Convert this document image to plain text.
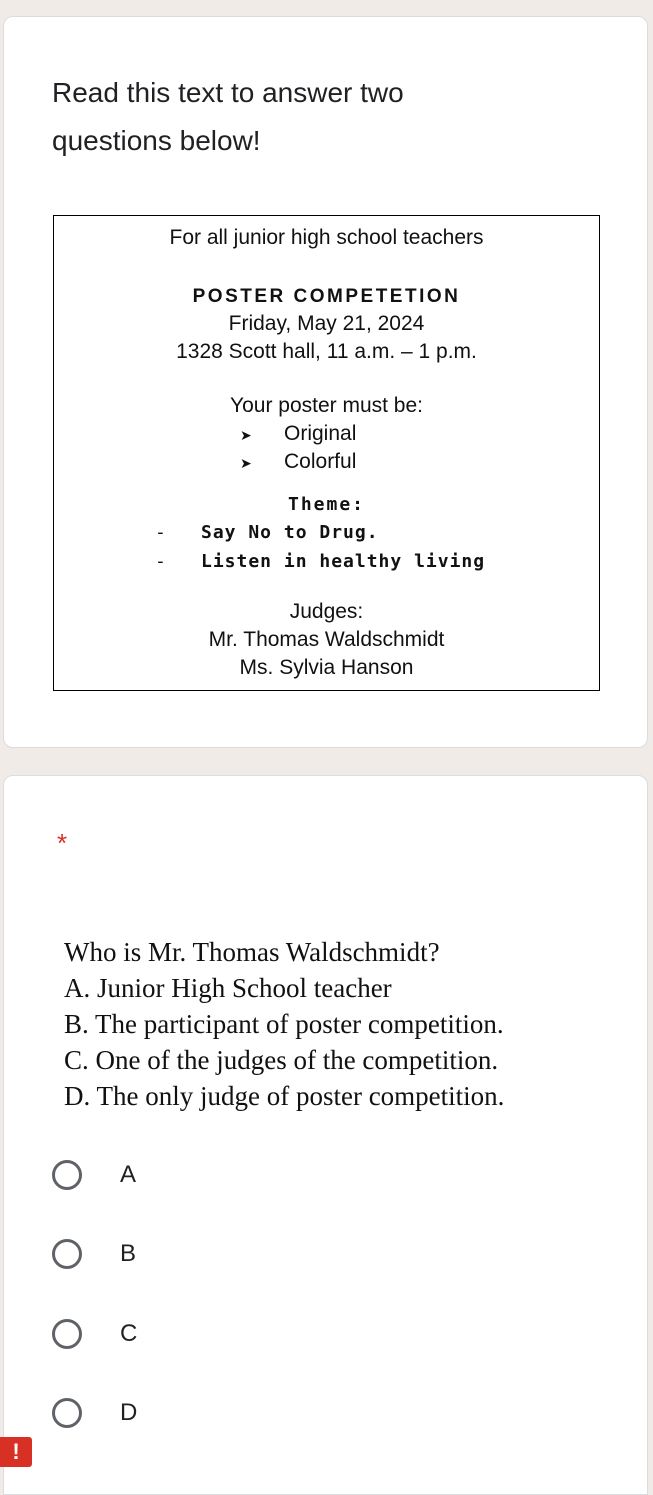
Read this text to answer two questions below!
For all junior high school teachers
POSTER COMPETETION
Friday, May 21, 2024
1328 Scott hall, 11 a.m. – 1 p.m.
Your poster must be:
➤ Original
➤ Colorful
Theme:
- Say No to Drug.
- Listen in healthy living
Judges:
Mr. Thomas Waldschmidt
Ms. Sylvia Hanson
*
Who is Mr. Thomas Waldschmidt?
A. Junior High School teacher
B. The participant of poster competition.
C. One of the judges of the competition.
D. The only judge of poster competition.
A
B
C
D
!
